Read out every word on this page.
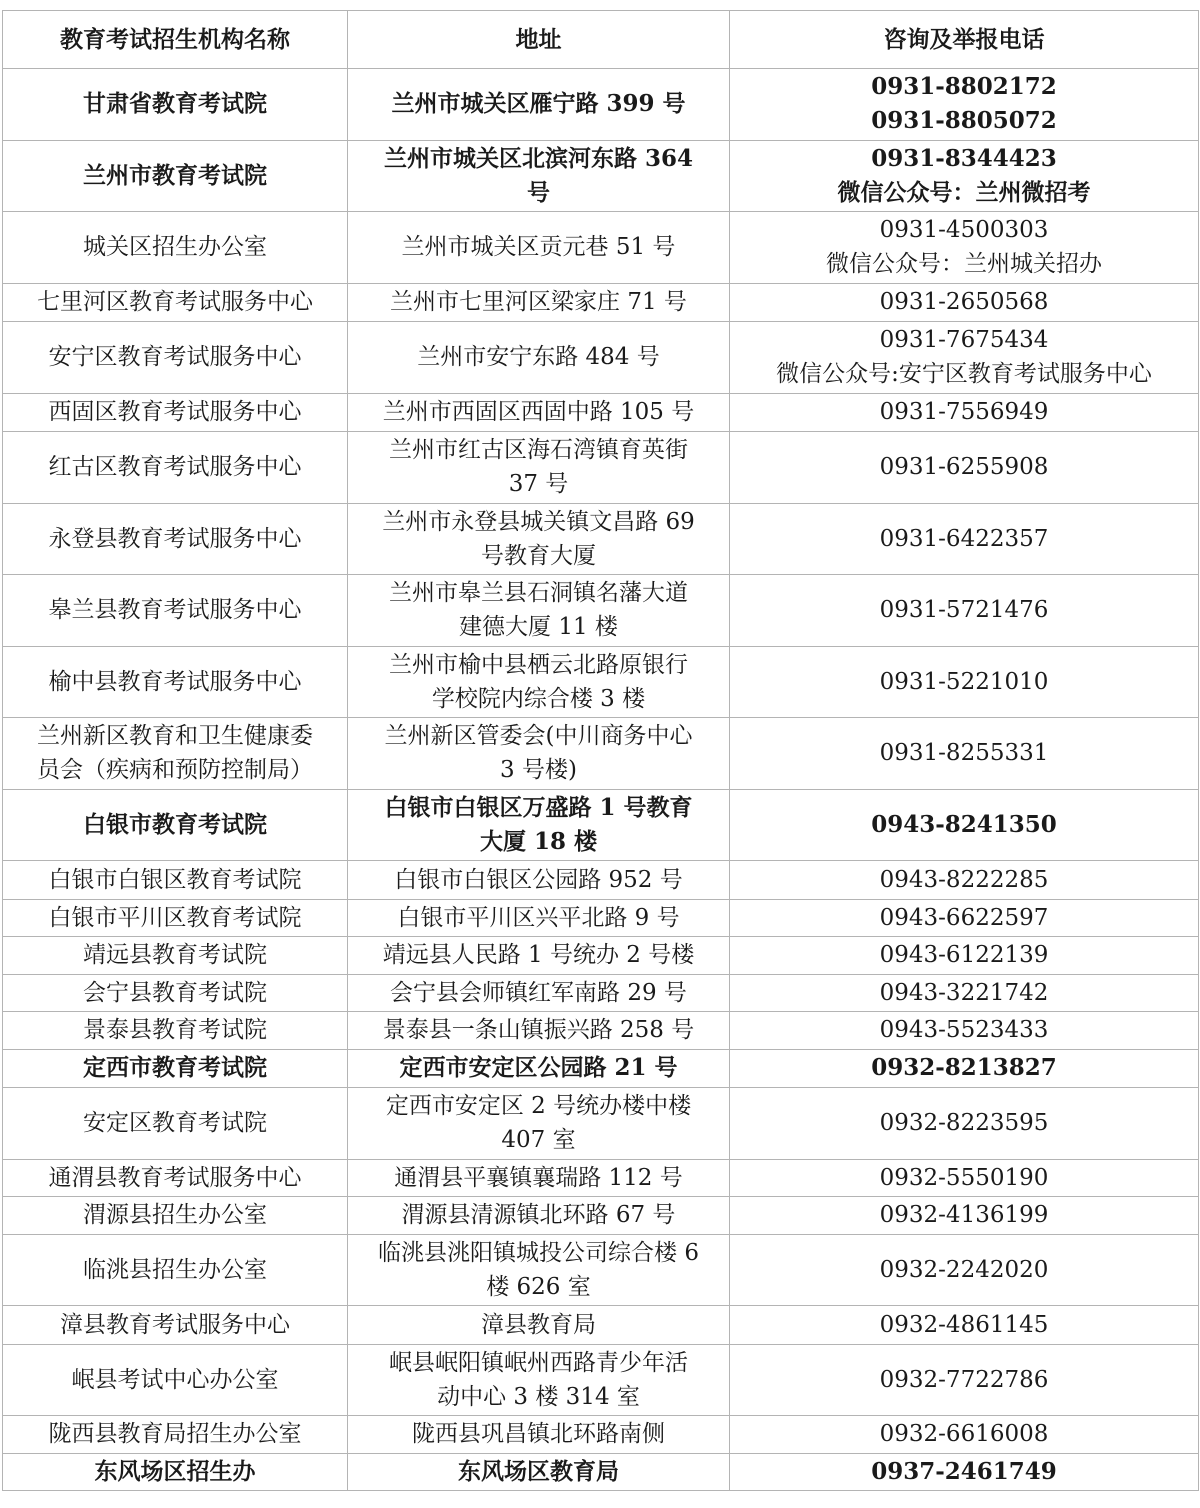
教育考试招生机构名称	地址	咨询及举报电话

甘肃省教育考试院	兰州市城关区雁宁路 399 号	0931-8802172
0931-8805072

兰州市教育考试院	兰州市城关区北滨河东路 364
号	0931-8344423
微信公众号：兰州微招考

城关区招生办公室	兰州市城关区贡元巷 51 号	0931-4500303
微信公众号：兰州城关招办

七里河区教育考试服务中心	兰州市七里河区梁家庄 71 号	0931-2650568

安宁区教育考试服务中心	兰州市安宁东路 484 号	0931-7675434
微信公众号:安宁区教育考试服务中心

西固区教育考试服务中心	兰州市西固区西固中路 105 号	0931-7556949

红古区教育考试服务中心	兰州市红古区海石湾镇育英街
37 号	0931-6255908

永登县教育考试服务中心	兰州市永登县城关镇文昌路 69
号教育大厦	0931-6422357

皋兰县教育考试服务中心	兰州市皋兰县石洞镇名藩大道
建德大厦 11 楼	0931-5721476

榆中县教育考试服务中心	兰州市榆中县栖云北路原银行
学校院内综合楼 3 楼	0931-5221010

兰州新区教育和卫生健康委
员会（疾病和预防控制局）	兰州新区管委会(中川商务中心
3 号楼)	0931-8255331

白银市教育考试院	白银市白银区万盛路 1 号教育
大厦 18 楼	0943-8241350

白银市白银区教育考试院	白银市白银区公园路 952 号	0943-8222285

白银市平川区教育考试院	白银市平川区兴平北路 9 号	0943-6622597

靖远县教育考试院	靖远县人民路 1 号统办 2 号楼	0943-6122139

会宁县教育考试院	会宁县会师镇红军南路 29 号	0943-3221742

景泰县教育考试院	景泰县一条山镇振兴路 258 号	0943-5523433

定西市教育考试院	定西市安定区公园路 21 号	0932-8213827

安定区教育考试院	定西市安定区 2 号统办楼中楼
407 室	0932-8223595

通渭县教育考试服务中心	通渭县平襄镇襄瑞路 112 号	0932-5550190

渭源县招生办公室	渭源县清源镇北环路 67 号	0932-4136199

临洮县招生办公室	临洮县洮阳镇城投公司综合楼 6
楼 626 室	0932-2242020

漳县教育考试服务中心	漳县教育局	0932-4861145

岷县考试中心办公室	岷县岷阳镇岷州西路青少年活
动中心 3 楼 314 室	0932-7722786

陇西县教育局招生办公室	陇西县巩昌镇北环路南侧	0932-6616008

东风场区招生办	东风场区教育局	0937-2461749
